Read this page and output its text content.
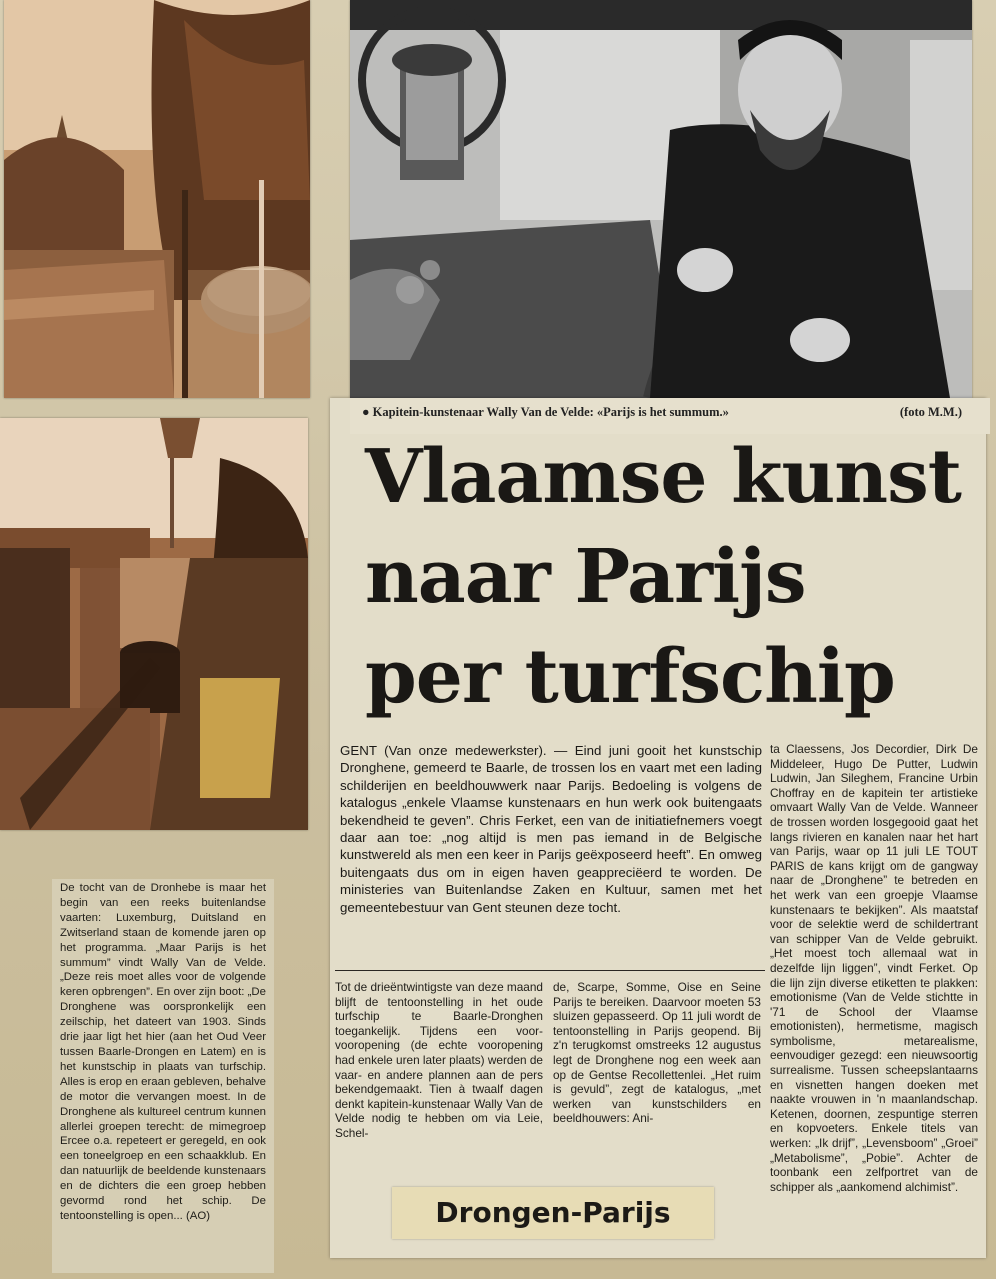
● Kapitein-kunstenaar Wally Van de Velde: «Parijs is het summum.»	(foto M.M.)
Vlaamse kunst
naar Parijs
per turfschip

GENT (Van onze medewerkster). — Eind juni gooit het kunstschip Dronghene, gemeerd te Baarle, de trossen los en vaart met een lading schilderijen en beeldhouwwerk naar Parijs. Bedoeling is volgens de katalogus „enkele Vlaamse kunstenaars en hun werk ook buitengaats bekendheid te geven”. Chris Ferket, een van de initiatiefnemers voegt daar aan toe: „nog altijd is men pas iemand in de Belgische kunstwereld als men een keer in Parijs geëxposeerd heeft”. En omweg buitengaats dus om in eigen haven geappreciëerd te worden. De ministeries van Buitenlandse Zaken en Kultuur, samen met het gemeentebestuur van Gent steunen deze tocht.

Tot de drieëntwintigste van deze maand blijft de tentoonstelling in het oude turfschip te Baarle-Dronghen toegankelijk. Tijdens een voor-vooropening (de echte vooropening had enkele uren later plaats) werden de vaar- en andere plannen aan de pers bekendgemaakt. Tien à twaalf dagen denkt kapitein-kunstenaar Wally Van de Velde nodig te hebben om via Leie, Schel-

de, Scarpe, Somme, Oise en Seine Parijs te bereiken. Daarvoor moeten 53 sluizen gepasseerd. Op 11 juli wordt de tentoonstelling in Parijs geopend. Bij z'n terugkomst omstreeks 12 augustus legt de Dronghene nog een week aan op de Gentse Recollettenlei. „Het ruim is gevuld”, zegt de katalogus, „met werken van kunstschilders en beeldhouwers: Ani-

ta Claessens, Jos Decordier, Dirk De Middeleer, Hugo De Putter, Ludwin Ludwin, Jan Sileghem, Francine Urbin Choffray en de kapitein ter artistieke omvaart Wally Van de Velde. Wanneer de trossen worden losgegooid gaat het langs rivieren en kanalen naar het hart van Parijs, waar op 11 juli LE TOUT PARIS de kans krijgt om de gangway naar de „Dronghene” te betreden en het werk van een groepje Vlaamse kunstenaars te bekijken”. Als maatstaf voor de selektie werd de schildertrant van schipper Van de Velde gebruikt. „Het moest toch allemaal wat in dezelfde lijn liggen”, vindt Ferket. Op die lijn zijn diverse etiketten te plakken: emotionisme (Van de Velde stichtte in '71 de School der Vlaamse emotionisten), hermetisme, magisch symbolisme, metarealisme, eenvoudiger gezegd: een nieuwsoortig surrealisme. Tussen scheepslantaarns en visnetten hangen doeken met naakte vrouwen in 'n maanlandschap. Ketenen, doornen, zespuntige sterren en kopvoeters. Enkele titels van werken: „Ik drijf”, „Levensboom” „Groei” „Metabolisme”, „Pobie”. Achter de toonbank een zelfportret van de schipper als „aankomend alchimist”.

De tocht van de Dronhebe is maar het begin van een reeks buitenlandse vaarten: Luxemburg, Duitsland en Zwitserland staan de komende jaren op het programma. „Maar Parijs is het summum” vindt Wally Van de Velde. „Deze reis moet alles voor de volgende keren opbrengen”. En over zijn boot: „De Dronghene was oorspronkelijk een zeilschip, het dateert van 1903. Sinds drie jaar ligt het hier (aan het Oud Veer tussen Baarle-Drongen en Latem) en is het kunstschip in plaats van turfschip. Alles is erop en eraan gebleven, behalve de motor die vervangen moest. In de Dronghene als kultureel centrum kunnen allerlei groepen terecht: de mimegroep Ercee o.a. repeteert er geregeld, en ook een toneelgroep en een schaakklub. En dan natuurlijk de beeldende kunstenaars en de dichters die een groep hebben gevormd rond het schip. De tentoonstelling is open... (AO)	Drongen-Parijs
